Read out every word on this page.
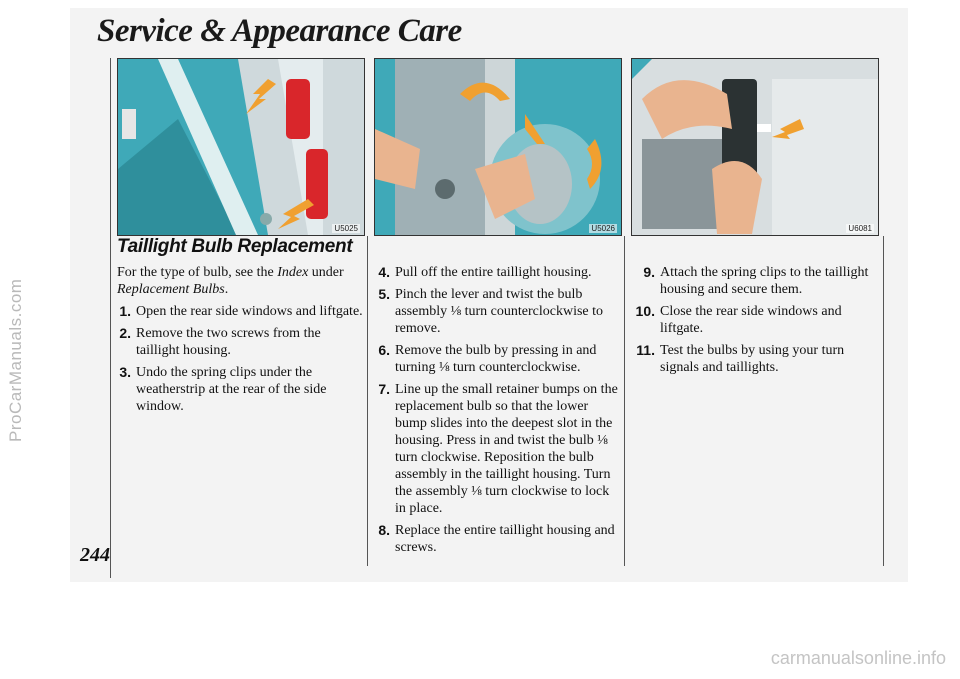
ProCarManuals.com
carmanualsonline.info
Service & Appearance Care
U5025	U5026	U6081
Taillight Bulb Replacement

For the type of bulb, see the Index under Replacement Bulbs.

1. Open the rear side windows and liftgate.
2. Remove the two screws from the taillight housing.
3. Undo the spring clips under the weatherstrip at the rear of the side window.
4. Pull off the entire taillight housing.
5. Pinch the lever and twist the bulb assembly ⅛ turn counterclockwise to remove.
6. Remove the bulb by pressing in and turning ⅛ turn counterclockwise.
7. Line up the small retainer bumps on the replacement bulb so that the lower bump slides into the deepest slot in the housing. Press in and twist the bulb ⅛ turn clockwise. Reposition the bulb assembly in the taillight housing. Turn the assembly ⅛ turn clockwise to lock in place.
8. Replace the entire taillight housing and screws.
9. Attach the spring clips to the taillight housing and secure them.
10. Close the rear side windows and liftgate.
11. Test the bulbs by using your turn signals and taillights.

244
